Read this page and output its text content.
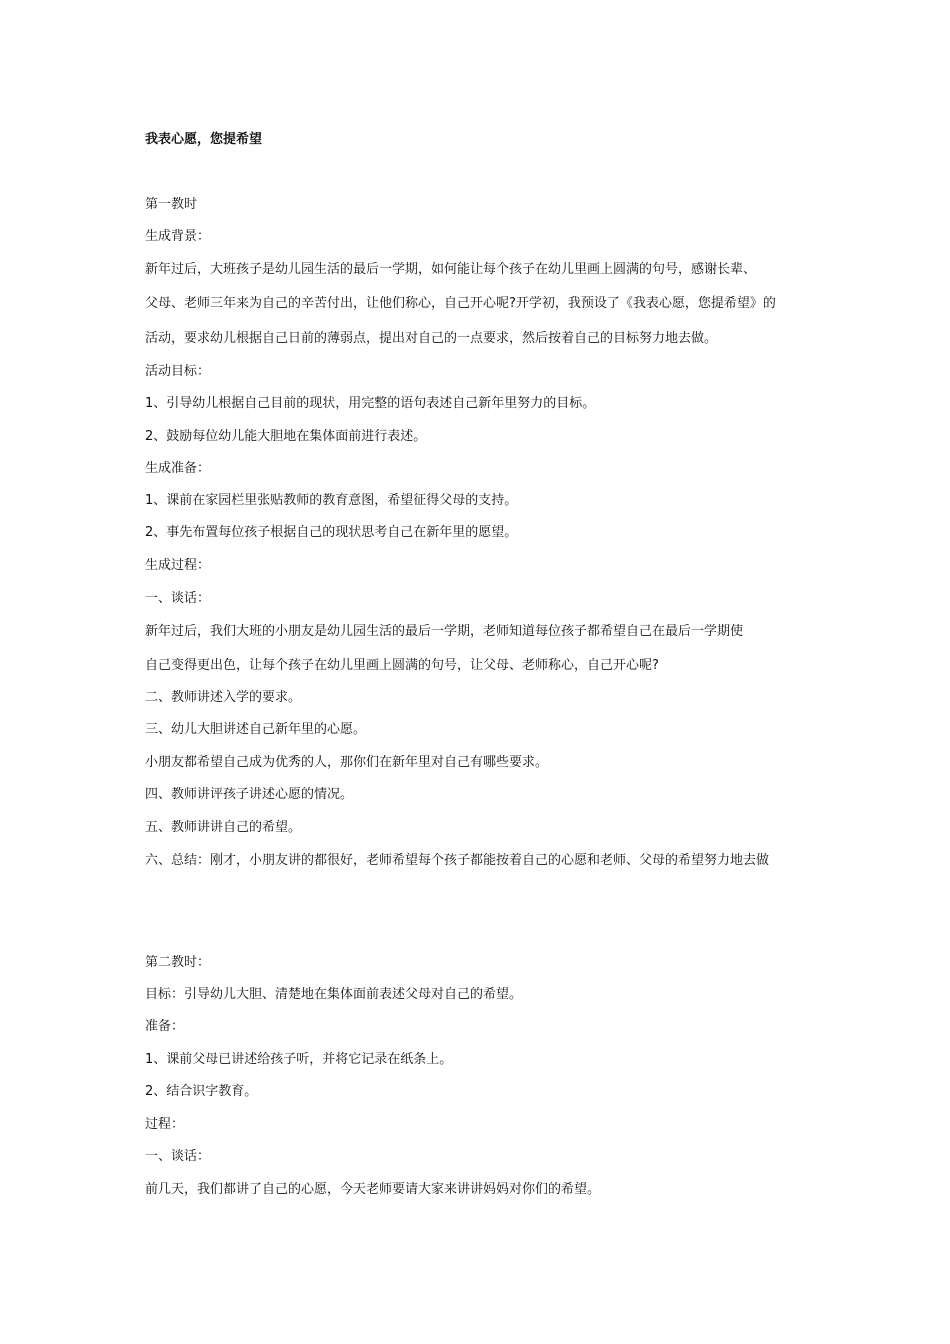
我表心愿，您提希望
第一教时
生成背景：
新年过后，大班孩子是幼儿园生活的最后一学期，如何能让每个孩子在幼儿里画上圆满的句号，感谢长辈、
父母、老师三年来为自己的辛苦付出，让他们称心，自己开心呢?开学初，我预设了《我表心愿，您提希望》的
活动，要求幼儿根据自己日前的薄弱点，提出对自己的一点要求，然后按着自己的目标努力地去做。
活动目标：
1、引导幼儿根据自己目前的现状，用完整的语句表述自己新年里努力的目标。
2、鼓励每位幼儿能大胆地在集体面前进行表述。
生成准备：
1、课前在家园栏里张贴教师的教育意图，希望征得父母的支持。
2、事先布置每位孩子根据自己的现状思考自己在新年里的愿望。
生成过程：
一、谈话：
新年过后，我们大班的小朋友是幼儿园生活的最后一学期，老师知道每位孩子都希望自己在最后一学期使
自己变得更出色，让每个孩子在幼儿里画上圆满的句号，让父母、老师称心，自己开心呢?
二、教师讲述入学的要求。
三、幼儿大胆讲述自己新年里的心愿。
小朋友都希望自己成为优秀的人，那你们在新年里对自己有哪些要求。
四、教师讲评孩子讲述心愿的情况。
五、教师讲讲自己的希望。
六、总结：刚才，小朋友讲的都很好，老师希望每个孩子都能按着自己的心愿和老师、父母的希望努力地去做
第二教时：
目标：引导幼儿大胆、清楚地在集体面前表述父母对自己的希望。
准备：
1、课前父母已讲述给孩子听，并将它记录在纸条上。
2、结合识字教育。
过程：
一、谈话：
前几天，我们都讲了自己的心愿，今天老师要请大家来讲讲妈妈对你们的希望。
